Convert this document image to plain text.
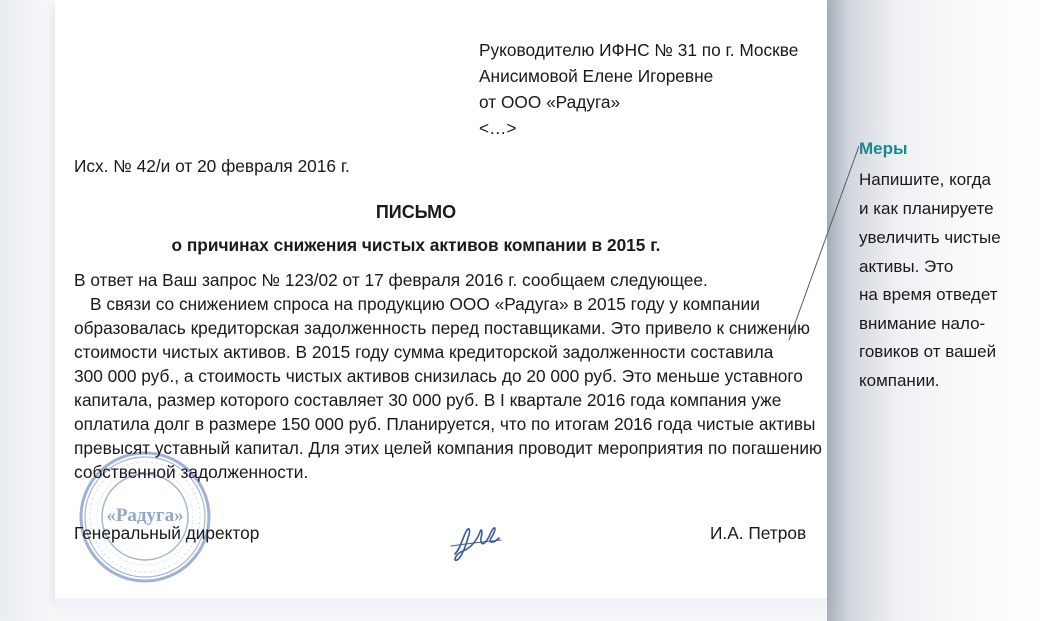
Руководителю ИФНС № 31 по г. Москве

Анисимовой Елене Игоревне

от ООО «Радуга»

<…>

Исх. № 42/и от 20 февраля 2016 г.

ПИСЬМО

о причинах снижения чистых активов компании в 2015 г.

«Радуга»

В ответ на Ваш запрос № 123/02 от 17 февраля 2016 г. сообщаем следующее.

В связи со снижением спроса на продукцию ООО «Радуга» в 2015 году у компании

образовалась кредиторская задолженность перед поставщиками. Это привело к снижению

стоимости чистых активов. В 2015 году сумма кредиторской задолженности составила

300 000 руб., а стоимость чистых активов снизилась до 20 000 руб. Это меньше уставного

капитала, размер которого составляет 30 000 руб. В I квартале 2016 года компания уже

оплатила долг в размере 150 000 руб. Планируется, что по итогам 2016 года чистые активы

превысят уставный капитал. Для этих целей компания проводит мероприятия по погашению

собственной задолженности.

Генеральный директор	И.А. Петров

Меры

Напишите, когда

и как планируете

увеличить чистые

активы. Это

на время отведет

внимание нало-

говиков от вашей

компании.
